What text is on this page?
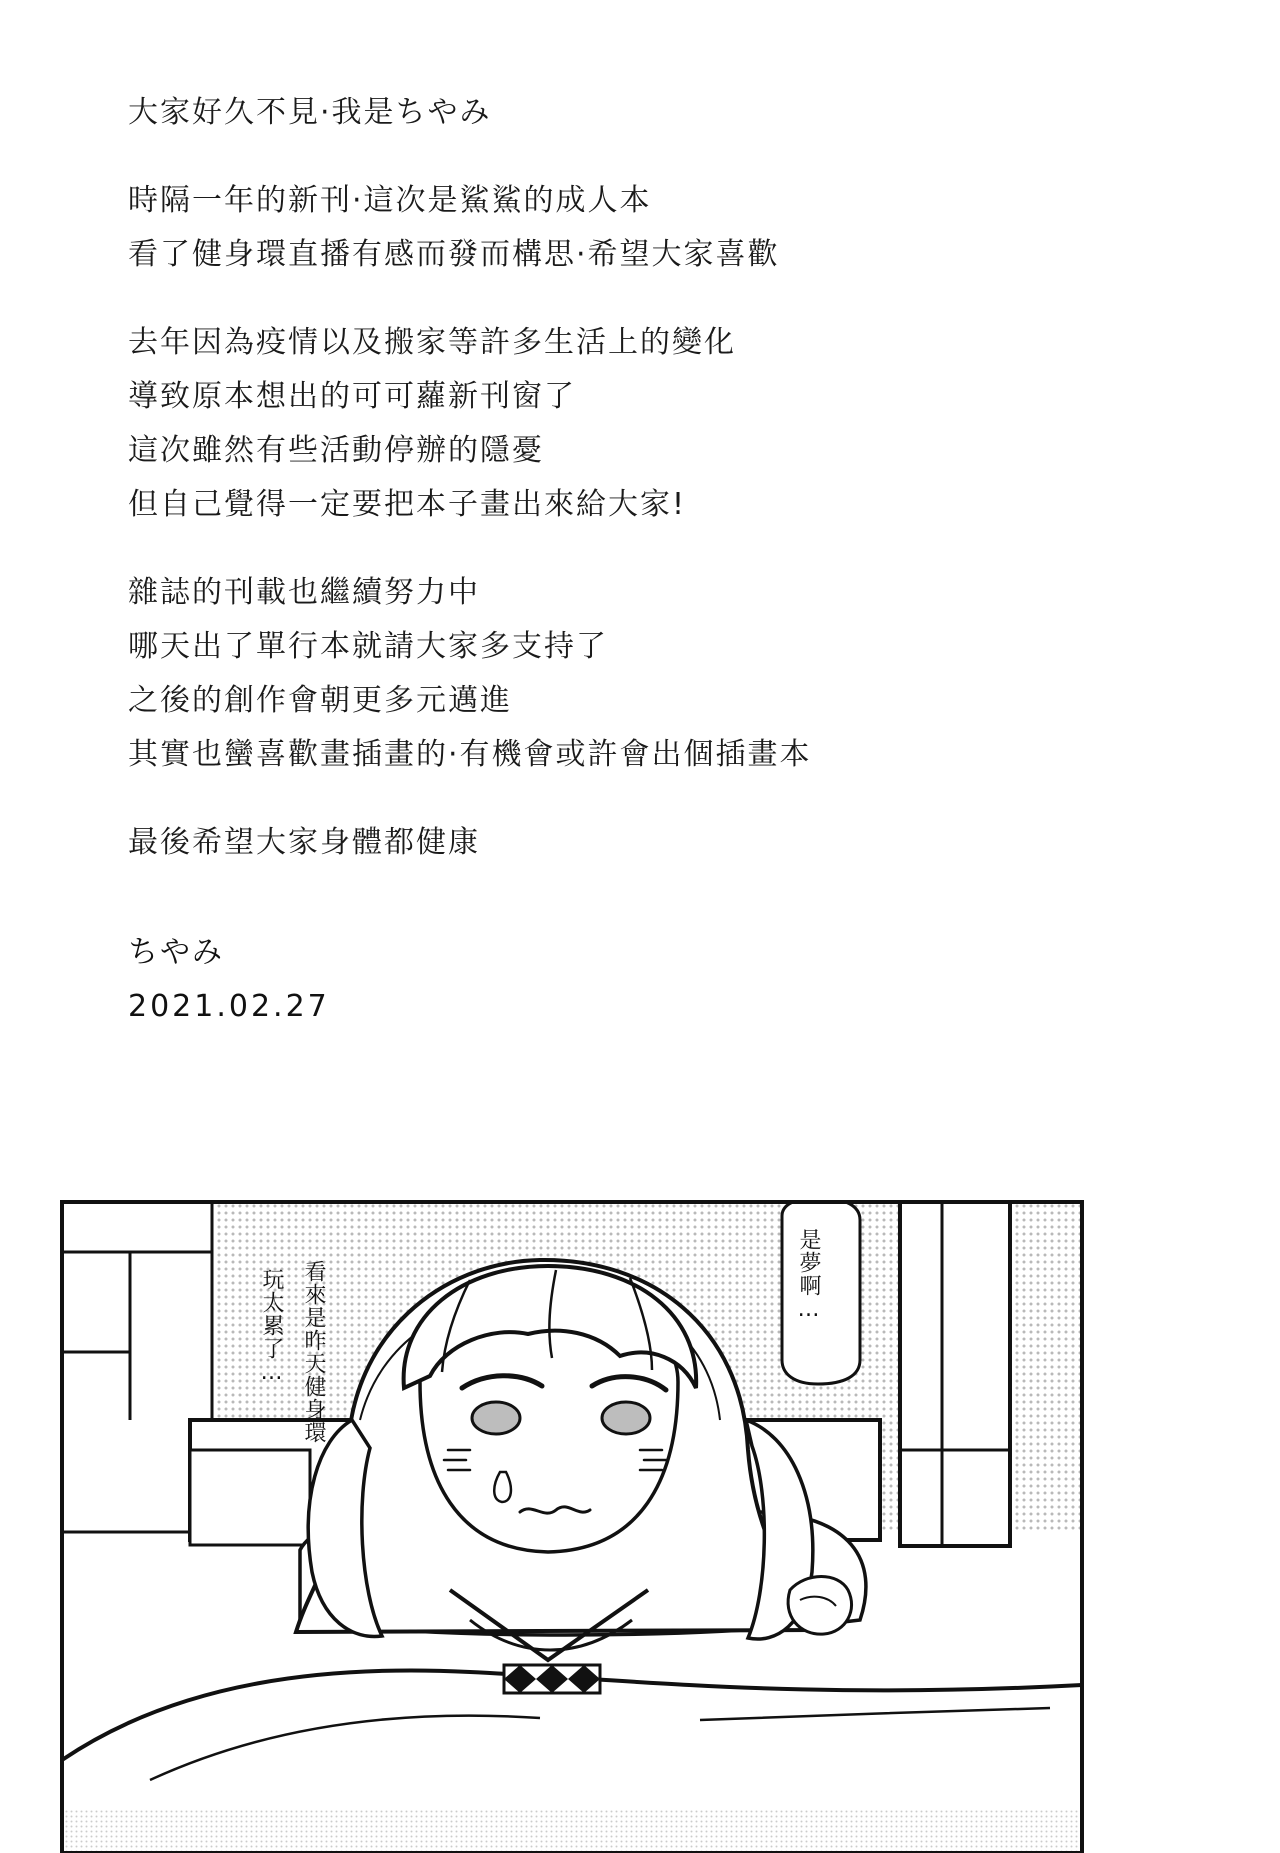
大家好久不見·我是ちやみ
時隔一年的新刊·這次是鯊鯊的成人本
看了健身環直播有感而發而構思·希望大家喜歡
去年因為疫情以及搬家等許多生活上的變化
導致原本想出的可可蘿新刊窗了
這次雖然有些活動停辦的隱憂
但自己覺得一定要把本子畫出來給大家!
雜誌的刊載也繼續努力中
哪天出了單行本就請大家多支持了
之後的創作會朝更多元邁進
其實也蠻喜歡畫插畫的·有機會或許會出個插畫本
最後希望大家身體都健康
ちやみ
2021.02.27
玩太累了… 看來是昨天健身環	是夢啊…
